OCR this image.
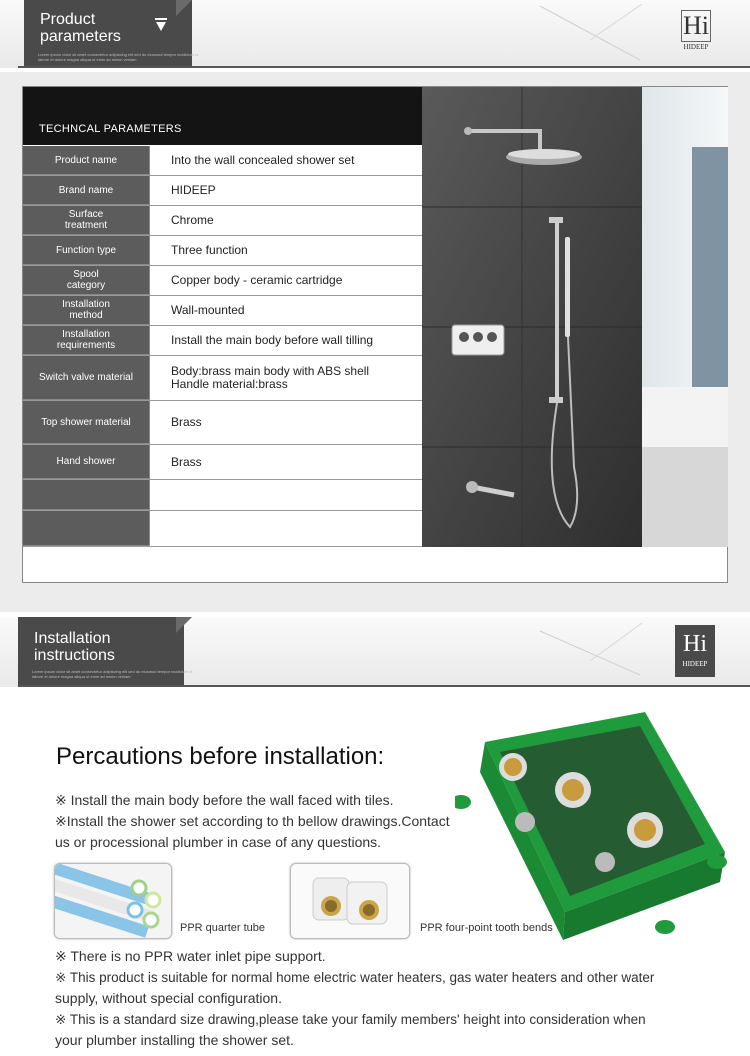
Product
parameters
Lorem ipsum dolor sit amet consectetur adipiscing elit sed do eiusmod tempor incididunt ut labore et dolore magna aliqua ut enim ad minim veniam
Hi
HIDEEP
TECHNCAL PARAMETERS
Product name	Into the wall concealed shower set
Brand name	HIDEEP
Surface
treatment	Chrome
Function type	Three function
Spool
category	Copper body - ceramic cartridge
Installation
method	Wall-mounted
Installation
requirements	Install the main body before wall tilling
Switch valve material	Body:brass main body with ABS shell
Handle material:brass
Top shower material	Brass
Hand shower	Brass
Installation
instructions
Lorem ipsum dolor sit amet consectetur adipiscing elit sed do eiusmod tempor incididunt ut labore et dolore magna aliqua ut enim ad minim veniam
Hi
HIDEEP
Percautions before installation:
※ Install the main body before the wall faced with tiles.
※Install the shower set according to th bellow drawings.Contact
us or processional plumber in case of any questions.
PPR quarter tube	PPR four-point tooth bends
※ There is no PPR water inlet pipe support.
※ This product is suitable for normal home electric water heaters, gas water heaters and other water
supply, without special configuration.
※ This is a standard size drawing,please take your family members' height into consideration when
your plumber installing the shower set.
